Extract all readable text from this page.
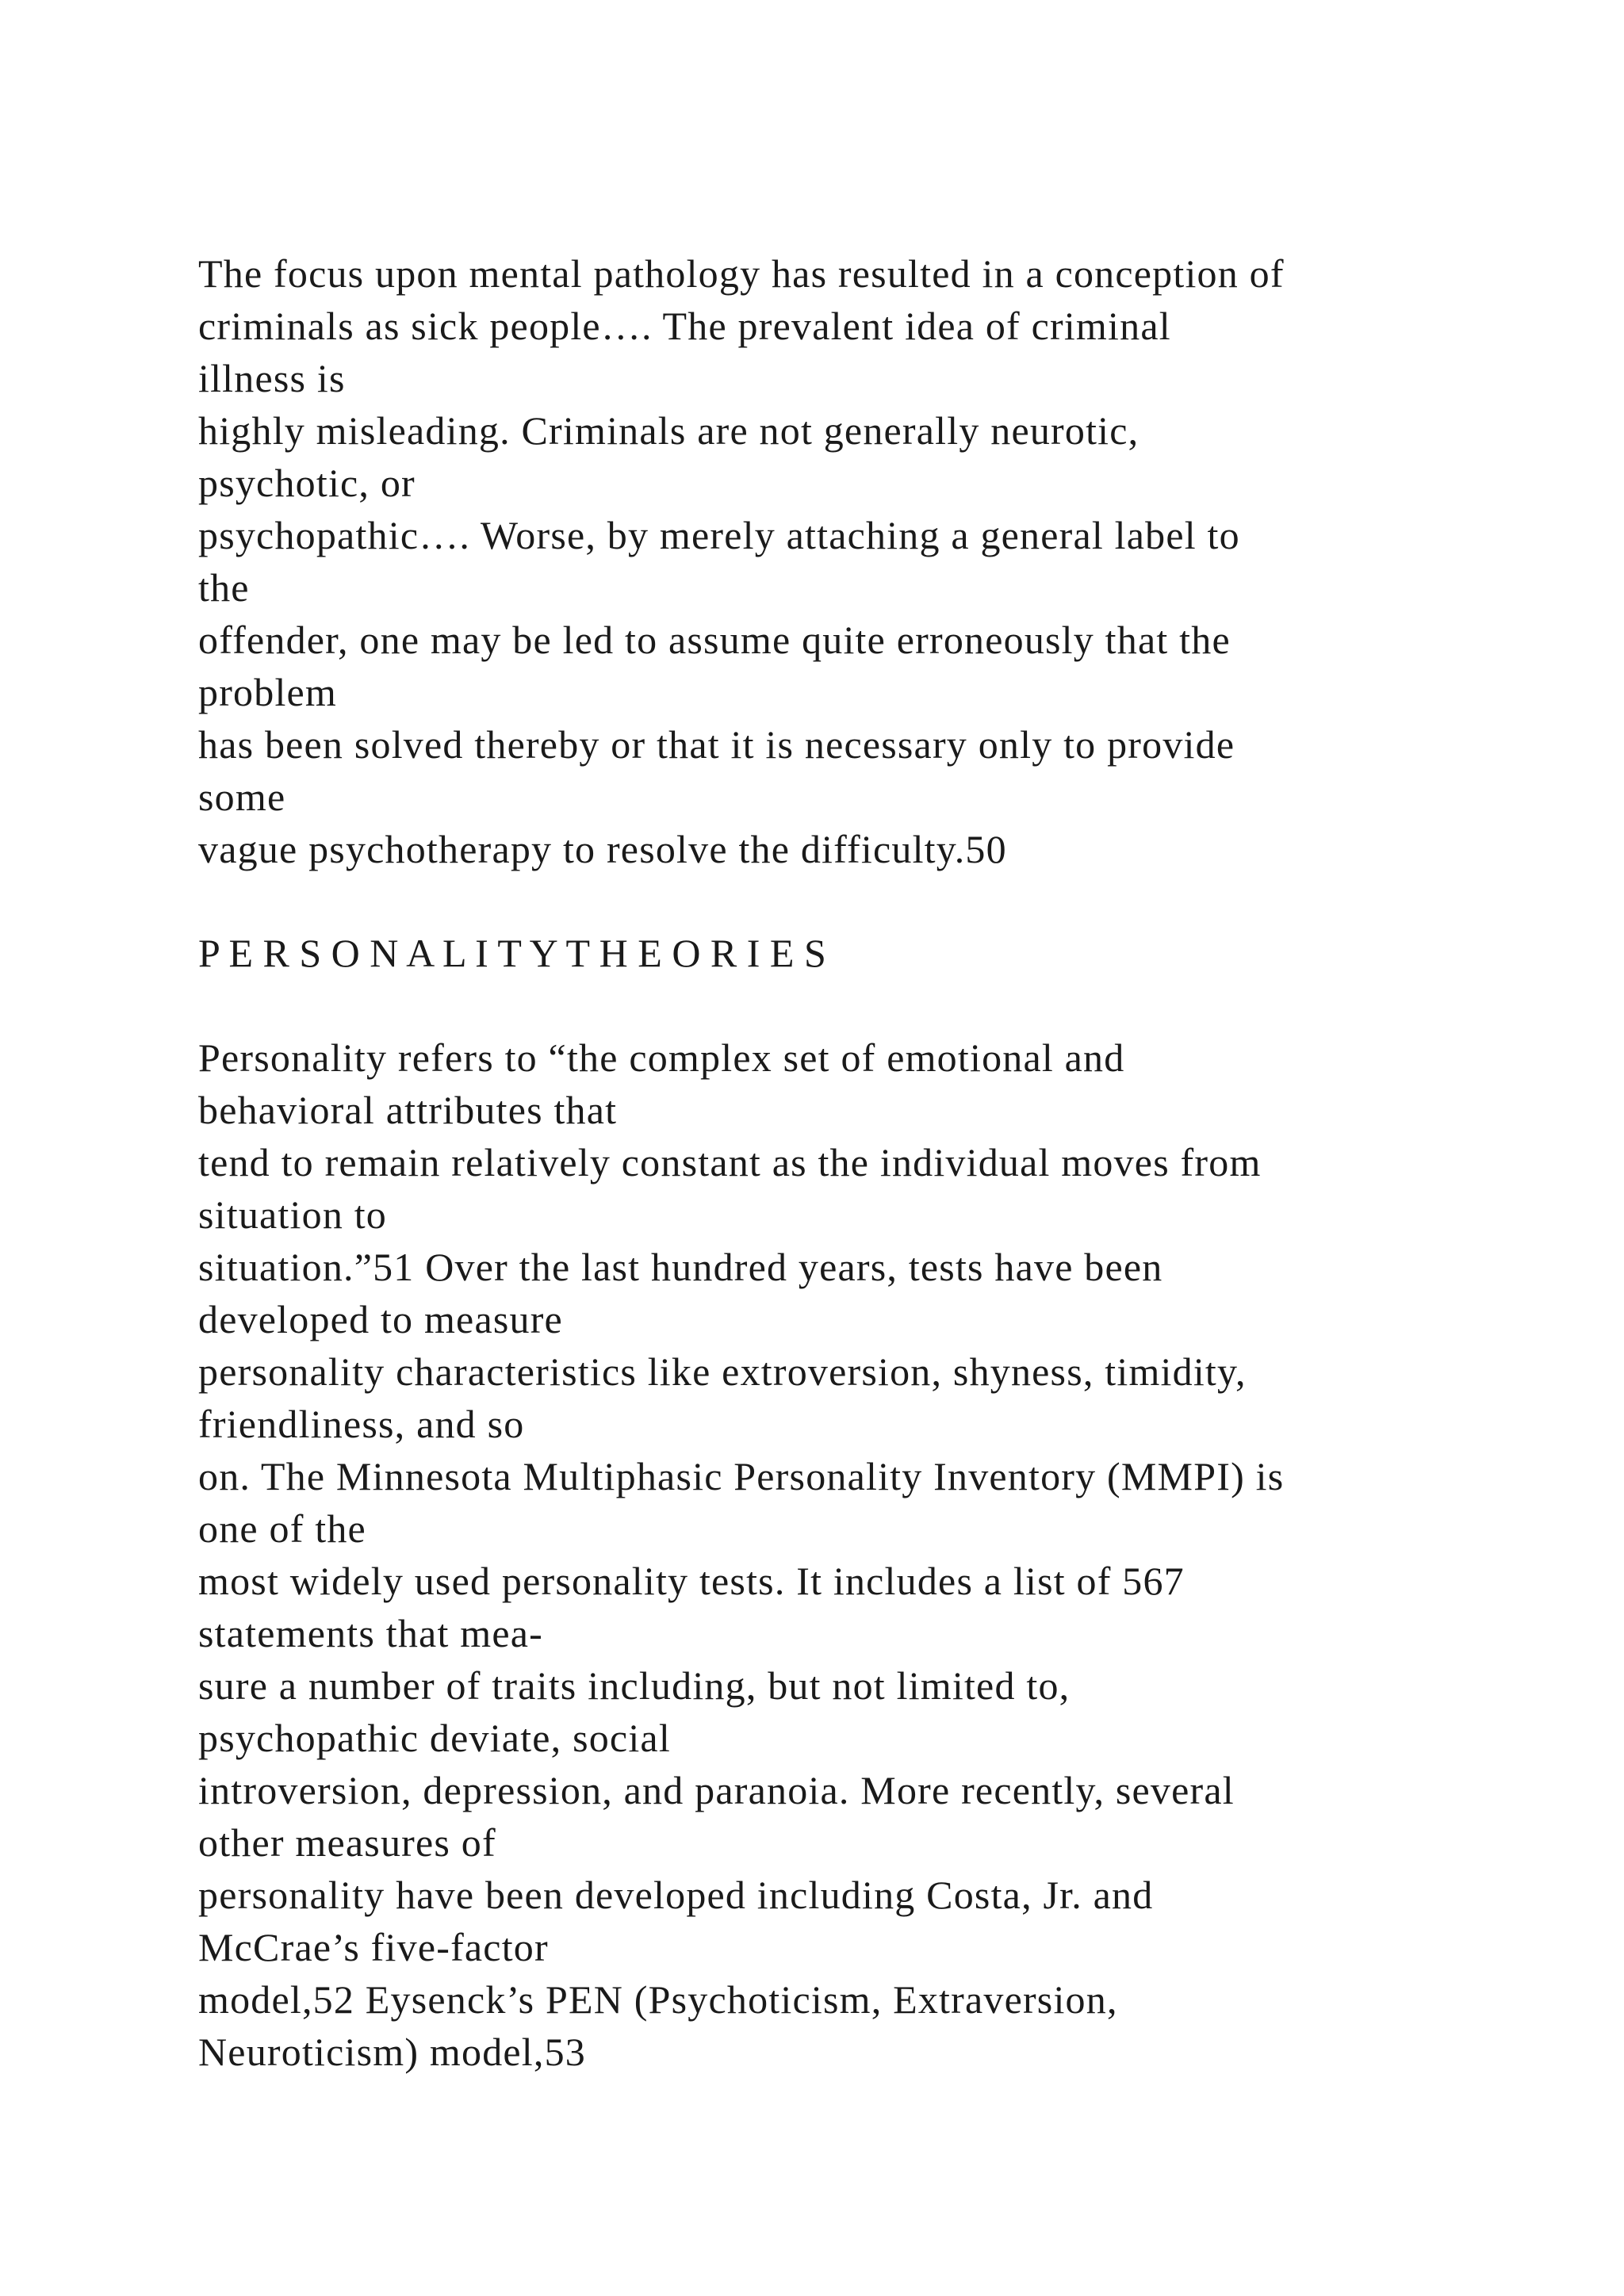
The focus upon mental pathology has resulted in a conception of
criminals as sick people…. The prevalent idea of criminal
illness is
highly misleading. Criminals are not generally neurotic,
psychotic, or
psychopathic…. Worse, by merely attaching a general label to
the
offender, one may be led to assume quite erroneously that the
problem
has been solved thereby or that it is necessary only to provide
some
vague psychotherapy to resolve the difficulty.50
P E R S O N A L I T Y T H E O R I E S
Personality refers to “the complex set of emotional and
behavioral attributes that
tend to remain relatively constant as the individual moves from
situation to
situation.”51 Over the last hundred years, tests have been
developed to measure
personality characteristics like extroversion, shyness, timidity,
friendliness, and so
on. The Minnesota Multiphasic Personality Inventory (MMPI) is
one of the
most widely used personality tests. It includes a list of 567
statements that mea-
sure a number of traits including, but not limited to,
psychopathic deviate, social
introversion, depression, and paranoia. More recently, several
other measures of
personality have been developed including Costa, Jr. and
McCrae’s five-factor
model,52 Eysenck’s PEN (Psychoticism, Extraversion,
Neuroticism) model,53
